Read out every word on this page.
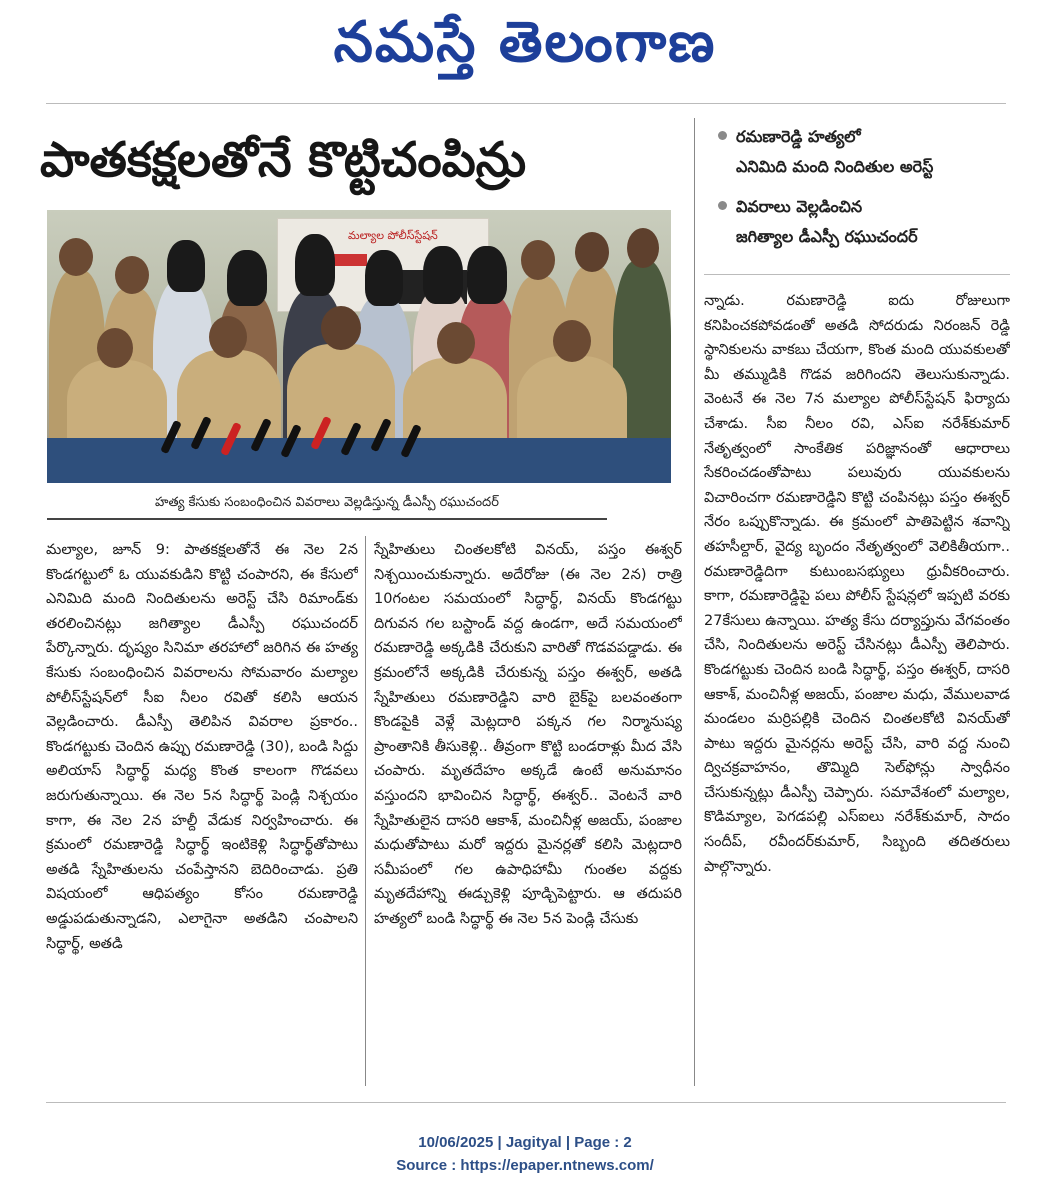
నమస్తే తెలంగాణ
పాతకక్షలతోనే కొట్టిచంపిన్రు	రమణారెడ్డి హత్యలో
ఎనిమిది మంది నిందితుల అరెస్ట్
వివరాలు వెల్లడించిన
జగిత్యాల డీఎస్పీ రఘుచందర్
మల్యాల పోలీస్‌స్టేషన్
హత్య కేసుకు సంబంధించిన వివరాలు వెల్లడిస్తున్న డీఎస్పీ రఘుచందర్

మల్యాల, జూన్ 9: పాతకక్షలతోనే ఈ నెల 2న కొండగట్టులో ఓ యువకుడిని కొట్టి చంపారని, ఈ కేసులో ఎనిమిది మంది నిందితులను అరెస్ట్ చేసి రిమాండ్‌కు తరలించినట్లు జగిత్యాల డీఎస్పీ రఘుచందర్ పేర్కొన్నారు. దృష్యం సినిమా తరహాలో జరిగిన ఈ హత్య కేసుకు సంబంధించిన వివరాలను సోమవారం మల్యాల పోలీస్‌స్టేషన్‌లో సీఐ నీలం రవితో కలిసి ఆయన వెల్లడించారు. డీఎస్పీ తెలిపిన వివరాల ప్రకారం.. కొండగట్టుకు చెందిన ఉప్పు రమణారెడ్డి (30), బండి సిద్దు అలియాస్ సిద్ధార్థ్ మధ్య కొంత కాలంగా గొడవలు జరుగుతున్నాయి. ఈ నెల 5న సిద్ధార్థ్ పెండ్లి నిశ్చయం కాగా, ఈ నెల 2న హల్దీ వేడుక నిర్వహించారు. ఈ క్రమంలో రమణారెడ్డి సిద్ధార్థ్ ఇంటికెళ్లి సిద్ధార్థ్‌తోపాటు అతడి స్నేహితులను చంపేస్తానని బెదిరించాడు. ప్రతి విషయంలో ఆధిపత్యం కోసం రమణారెడ్డి అడ్డుపడుతున్నాడని, ఎలాగైనా అతడిని చంపాలని సిద్ధార్థ్, అతడి

స్నేహితులు చింతలకోటి వినయ్, పస్తం ఈశ్వర్ నిశ్చయించుకున్నారు. అదేరోజు (ఈ నెల 2న) రాత్రి 10గంటల సమయంలో సిద్ధార్థ్, వినయ్ కొండగట్టు దిగువన గల బస్టాండ్ వద్ద ఉండగా, అదే సమయంలో రమణారెడ్డి అక్కడికి చేరుకుని వారితో గొడవపడ్డాడు. ఈ క్రమంలోనే అక్కడికి చేరుకున్న పస్తం ఈశ్వర్, అతడి స్నేహితులు రమణారెడ్డిని వారి బైక్‌పై బలవంతంగా కొండపైకి వెళ్లే మెట్లదారి పక్కన గల నిర్మానుష్య ప్రాంతానికి తీసుకెళ్లి.. తీవ్రంగా కొట్టి బండరాళ్లు మీద వేసి చంపారు. మృతదేహం అక్కడే ఉంటే అనుమానం వస్తుందని భావించిన సిద్ధార్థ్, ఈశ్వర్.. వెంటనే వారి స్నేహితులైన దాసరి ఆకాశ్, మంచినీళ్ల అజయ్, పంజాల మధుతోపాటు మరో ఇద్దరు మైనర్లతో కలిసి మెట్లదారి సమీపంలో గల ఉపాధిహామీ గుంతల వద్దకు మృతదేహాన్ని ఈడ్చుకెళ్లి పూడ్చిపెట్టారు. ఆ తదుపరి హత్యలో బండి సిద్ధార్థ్ ఈ నెల 5న పెండ్లి చేసుకు

న్నాడు. రమణారెడ్డి ఐదు రోజులుగా కనిపించకపోవడంతో అతడి సోదరుడు నిరంజన్ రెడ్డి స్థానికులను వాకబు చేయగా, కొంత మంది యువకులతో మీ తమ్ముడికి గొడవ జరిగిందని తెలుసుకున్నాడు. వెంటనే ఈ నెల 7న మల్యాల పోలీస్‌స్టేషన్ ఫిర్యాదు చేశాడు. సీఐ నీలం రవి, ఎస్ఐ నరేశ్‌కుమార్ నేతృత్వంలో సాంకేతిక పరిజ్ఞానంతో ఆధారాలు సేకరించడంతోపాటు పలువురు యువకులను విచారించగా రమణారెడ్డిని కొట్టి చంపినట్లు పస్తం ఈశ్వర్ నేరం ఒప్పుకొన్నాడు. ఈ క్రమంలో పాతిపెట్టిన శవాన్ని తహసీల్దార్, వైద్య బృందం నేతృత్వంలో వెలికితీయగా.. రమణారెడ్డిదిగా కుటుంబసభ్యులు ధ్రువీకరించారు. కాగా, రమణారెడ్డిపై పలు పోలీస్ స్టేషన్లలో ఇప్పటి వరకు 27కేసులు ఉన్నాయి. హత్య కేసు దర్యాప్తును వేగవంతం చేసి, నిందితులను అరెస్ట్ చేసినట్లు డీఎస్పీ తెలిపారు. కొండగట్టుకు చెందిన బండి సిద్ధార్థ్, పస్తం ఈశ్వర్, దాసరి ఆకాశ్, మంచినీళ్ల అజయ్, పంజాల మధు, వేములవాడ మండలం మర్రిపల్లికి చెందిన చింతలకోటి వినయ్‌తో పాటు ఇద్దరు మైనర్లను అరెస్ట్ చేసి, వారి వద్ద నుంచి ద్విచక్రవాహనం, తొమ్మిది సెల్‌ఫోన్లు స్వాధీనం చేసుకున్నట్లు డీఎస్పీ చెప్పారు. సమావేశంలో మల్యాల, కొడిమ్యాల, పెగడపల్లి ఎస్ఐలు నరేశ్‌కుమార్, సాదం సందీప్, రవీందర్‌కుమార్, సిబ్బంది తదితరులు పాల్గొన్నారు.

10/06/2025 | Jagityal | Page : 2
Source : https://epaper.ntnews.com/
